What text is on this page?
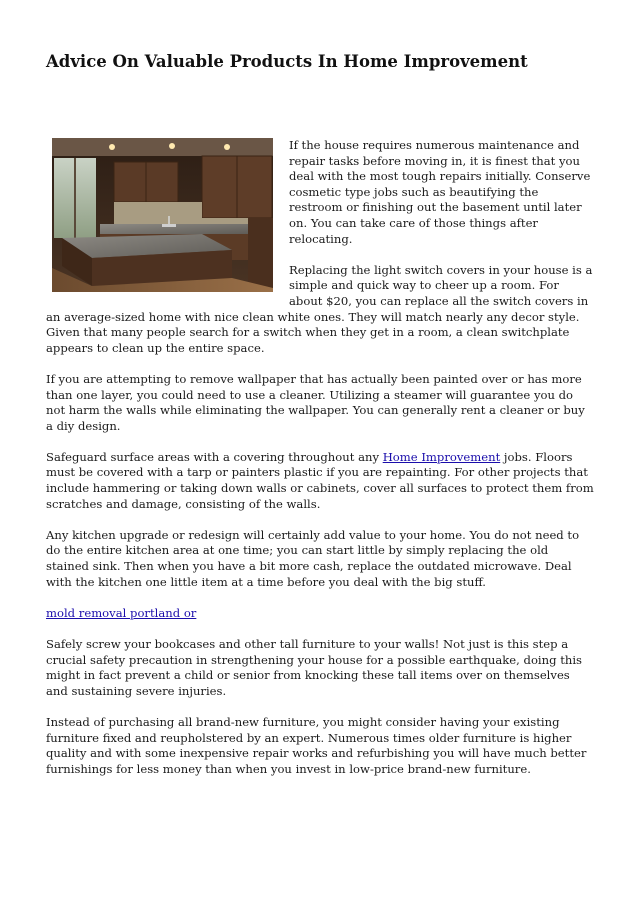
Advice On Valuable Products In Home Improvement

If the house requires numerous maintenance and repair tasks before moving in, it is finest that you deal with the most tough repairs initially. Conserve cosmetic type jobs such as beautifying the restroom or finishing out the basement until later on. You can take care of those things after relocating.

Replacing the light switch covers in your house is a simple and quick way to cheer up a room. For about $20, you can replace all the switch covers in an average-sized home with nice clean white ones. They will match nearly any decor style. Given that many people search for a switch when they get in a room, a clean switchplate appears to clean up the entire space.

If you are attempting to remove wallpaper that has actually been painted over or has more than one layer, you could need to use a cleaner. Utilizing a steamer will guarantee you do not harm the walls while eliminating the wallpaper. You can generally rent a cleaner or buy a diy design.

Safeguard surface areas with a covering throughout any Home Improvement jobs. Floors must be covered with a tarp or painters plastic if you are repainting. For other projects that include hammering or taking down walls or cabinets, cover all surfaces to protect them from scratches and damage, consisting of the walls.

Any kitchen upgrade or redesign will certainly add value to your home. You do not need to do the entire kitchen area at one time; you can start little by simply replacing the old stained sink. Then when you have a bit more cash, replace the outdated microwave. Deal with the kitchen one little item at a time before you deal with the big stuff.

mold removal portland or

Safely screw your bookcases and other tall furniture to your walls! Not just is this step a crucial safety precaution in strengthening your house for a possible earthquake, doing this might in fact prevent a child or senior from knocking these tall items over on themselves and sustaining severe injuries.

Instead of purchasing all brand-new furniture, you might consider having your existing furniture fixed and reupholstered by an expert. Numerous times older furniture is higher quality and with some inexpensive repair works and refurbishing you will have much better furnishings for less money than when you invest in low-price brand-new furniture.
